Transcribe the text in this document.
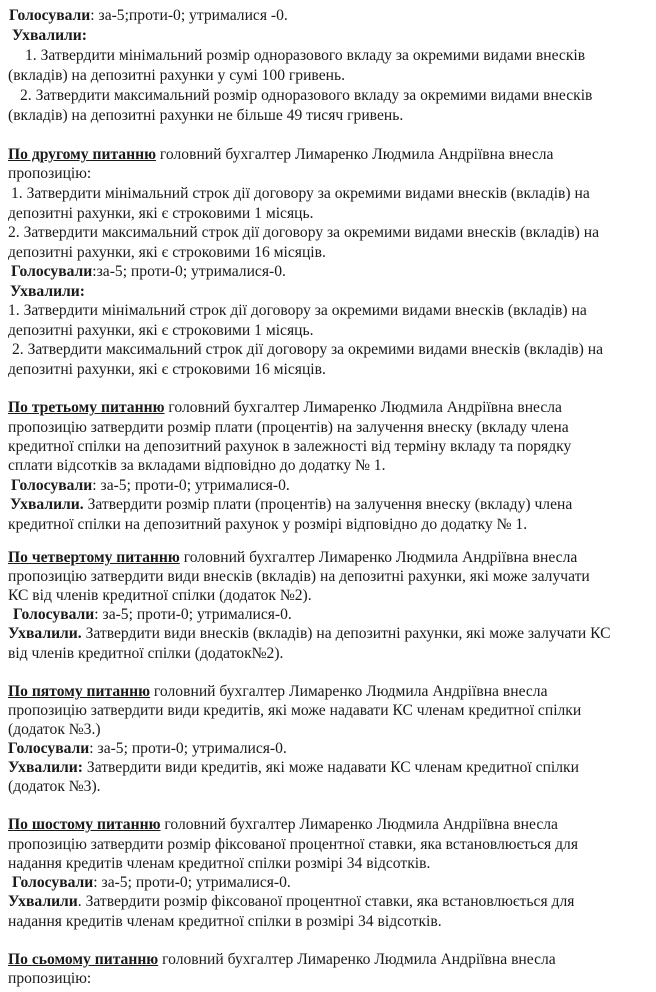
Голосували: за-5;проти-0; утрималися -0.
Ухвалили:
1. Затвердити мінімальний розмір одноразового вкладу за окремими видами внесків
(вкладів) на депозитні рахунки у сумі 100 гривень.
2. Затвердити максимальний розмір одноразового вкладу за окремими видами внесків
(вкладів) на депозитні рахунки не більше 49 тисяч гривень.
По другому питанню головний бухгалтер Лимаренко Людмила Андріївна внесла
пропозицію:
1. Затвердити мінімальний строк дії договору за окремими видами внесків (вкладів) на
депозитні рахунки, які є строковими 1 місяць.
2. Затвердити максимальний строк дії договору за окремими видами внесків (вкладів) на
депозитні рахунки, які є строковими 16 місяців.
Голосували:за-5; проти-0; утрималися-0.
Ухвалили:
1. Затвердити мінімальний строк дії договору за окремими видами внесків (вкладів) на
депозитні рахунки, які є строковими 1 місяць.
2. Затвердити максимальний строк дії договору за окремими видами внесків (вкладів) на
депозитні рахунки, які є строковими 16 місяців.
По третьому питанню головний бухгалтер Лимаренко Людмила Андріївна внесла
пропозицію затвердити розмір плати (процентів) на залучення внеску (вкладу члена
кредитної спілки на депозитний рахунок в залежності від терміну вкладу та порядку
сплати відсотків за вкладами відповідно до додатку № 1.
Голосували: за-5; проти-0; утрималися-0.
Ухвалили. Затвердити розмір плати (процентів) на залучення внеску (вкладу) члена
кредитної спілки на депозитний рахунок у розмірі відповідно до додатку № 1.
По четвертому питанню головний бухгалтер Лимаренко Людмила Андріївна внесла
пропозицію затвердити види внесків (вкладів) на депозитні рахунки, які може залучати
КС від членів кредитної спілки (додаток №2).
Голосували: за-5; проти-0; утрималися-0.
Ухвалили. Затвердити види внесків (вкладів) на депозитні рахунки, які може залучати КС
від членів кредитної спілки (додаток№2).
По пятому питанню головний бухгалтер Лимаренко Людмила Андріївна внесла
пропозицію затвердити види кредитів, які може надавати КС членам кредитної спілки
(додаток №3.)
Голосували: за-5; проти-0; утрималися-0.
Ухвалили: Затвердити види кредитів, які може надавати КС членам кредитної спілки
(додаток №3).
По шостому питанню головний бухгалтер Лимаренко Людмила Андріївна внесла
пропозицію затвердити розмір фіксованої процентної ставки, яка встановлюється для
надання кредитів членам кредитної спілки розмірі 34 відсотків.
Голосували: за-5; проти-0; утрималися-0.
Ухвалили. Затвердити розмір фіксованої процентної ставки, яка встановлюється для
надання кредитів членам кредитної спілки в розмірі 34 відсотків.
По сьомому питанню головний бухгалтер Лимаренко Людмила Андріївна внесла
пропозицію:
